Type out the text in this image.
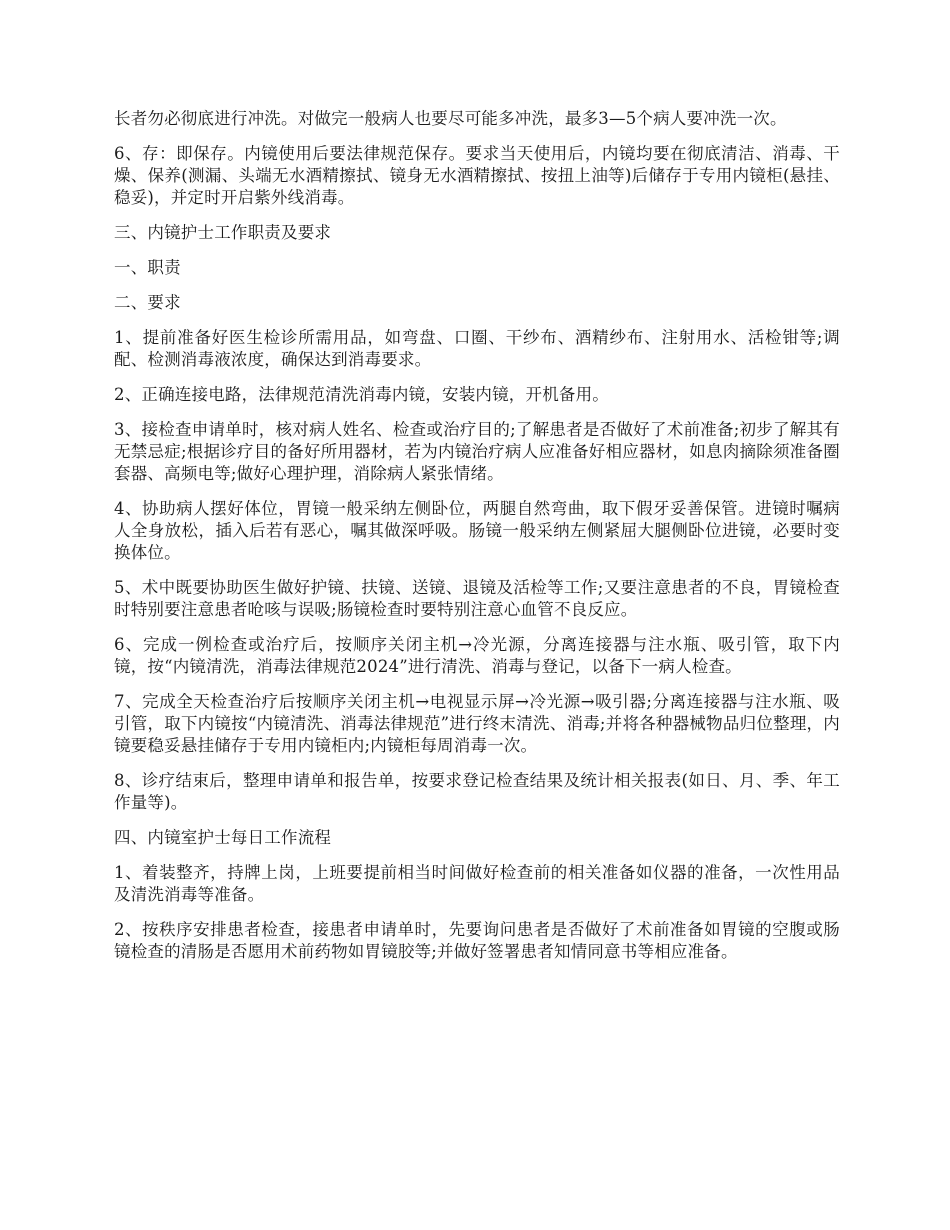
长者勿必彻底进行冲洗。对做完一般病人也要尽可能多冲洗，最多3—5个病人要冲洗一次。

6、存：即保存。内镜使用后要法律规范保存。要求当天使用后，内镜均要在彻底清洁、消毒、干燥、保养(测漏、头端无水酒精擦拭、镜身无水酒精擦拭、按扭上油等)后储存于专用内镜柜(悬挂、稳妥)，并定时开启紫外线消毒。

三、内镜护士工作职责及要求

一、职责

二、要求

1、提前准备好医生检诊所需用品，如弯盘、口圈、干纱布、酒精纱布、注射用水、活检钳等;调配、检测消毒液浓度，确保达到消毒要求。

2、正确连接电路，法律规范清洗消毒内镜，安装内镜，开机备用。

3、接检查申请单时，核对病人姓名、检查或治疗目的;了解患者是否做好了术前准备;初步了解其有无禁忌症;根据诊疗目的备好所用器材，若为内镜治疗病人应准备好相应器材，如息肉摘除须准备圈套器、高频电等;做好心理护理，消除病人紧张情绪。

4、协助病人摆好体位，胃镜一般采纳左侧卧位，两腿自然弯曲，取下假牙妥善保管。进镜时嘱病人全身放松，插入后若有恶心，嘱其做深呼吸。肠镜一般采纳左侧紧屈大腿侧卧位进镜，必要时变换体位。

5、术中既要协助医生做好护镜、扶镜、送镜、退镜及活检等工作;又要注意患者的不良，胃镜检查时特别要注意患者呛咳与误吸;肠镜检查时要特别注意心血管不良反应。

6、完成一例检查或治疗后，按顺序关闭主机→冷光源，分离连接器与注水瓶、吸引管，取下内镜，按“内镜清洗，消毒法律规范2024”进行清洗、消毒与登记，以备下一病人检查。

7、完成全天检查治疗后按顺序关闭主机→电视显示屏→冷光源→吸引器;分离连接器与注水瓶、吸引管，取下内镜按“内镜清洗、消毒法律规范”进行终末清洗、消毒;并将各种器械物品归位整理，内镜要稳妥悬挂储存于专用内镜柜内;内镜柜每周消毒一次。

8、诊疗结束后，整理申请单和报告单，按要求登记检查结果及统计相关报表(如日、月、季、年工作量等)。

四、内镜室护士每日工作流程

1、着装整齐，持牌上岗，上班要提前相当时间做好检查前的相关准备如仪器的准备，一次性用品及清洗消毒等准备。

2、按秩序安排患者检查，接患者申请单时，先要询问患者是否做好了术前准备如胃镜的空腹或肠镜检查的清肠是否愿用术前药物如胃镜胶等;并做好签署患者知情同意书等相应准备。
